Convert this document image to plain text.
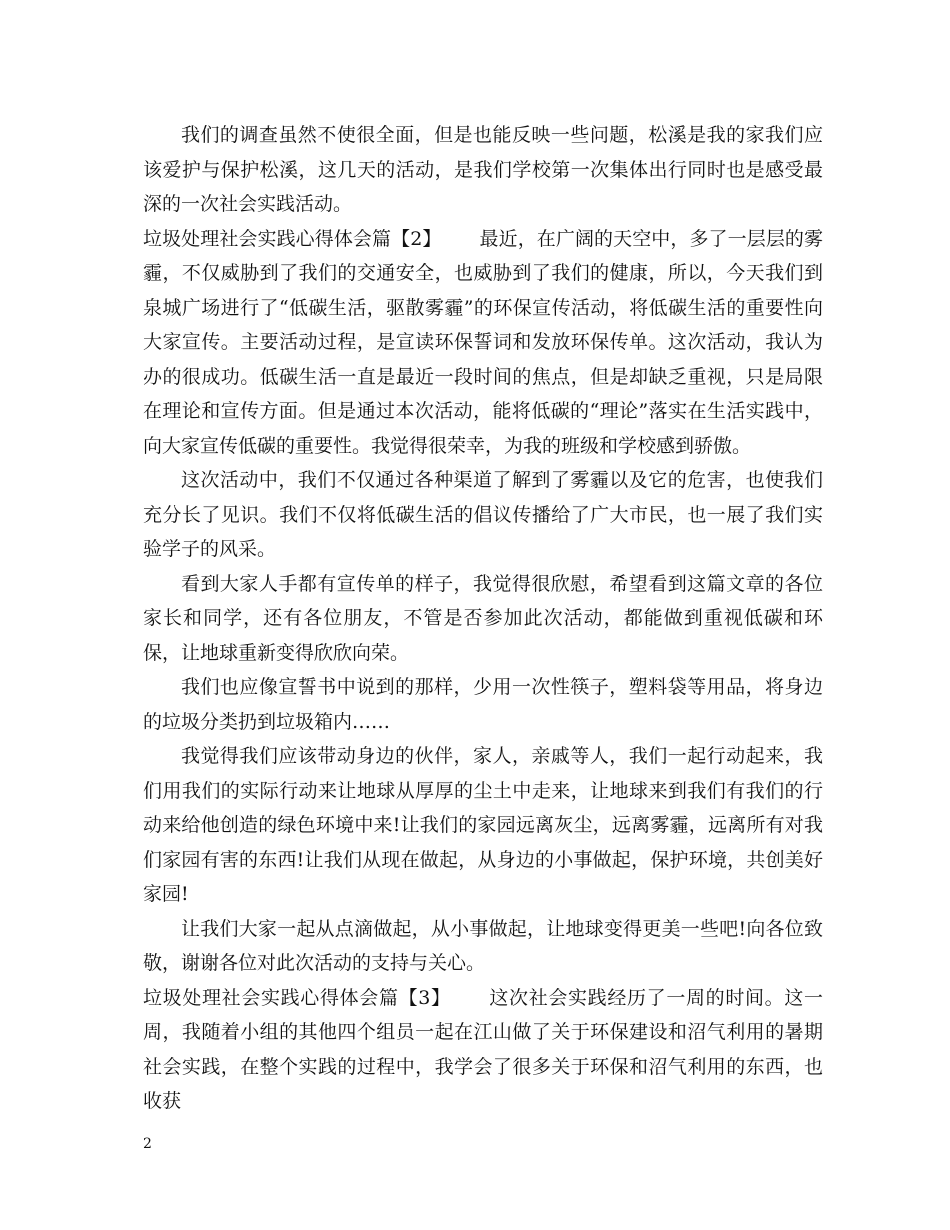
我们的调查虽然不使很全面，但是也能反映一些问题，松溪是我的家我们应该爱护与保护松溪，这几天的活动，是我们学校第一次集体出行同时也是感受最深的一次社会实践活动。

垃圾处理社会实践心得体会篇【2】 最近，在广阔的天空中，多了一层层的雾霾，不仅威胁到了我们的交通安全，也威胁到了我们的健康，所以，今天我们到泉城广场进行了“低碳生活，驱散雾霾”的环保宣传活动，将低碳生活的重要性向大家宣传。主要活动过程，是宣读环保誓词和发放环保传单。这次活动，我认为办的很成功。低碳生活一直是最近一段时间的焦点，但是却缺乏重视，只是局限在理论和宣传方面。但是通过本次活动，能将低碳的“理论”落实在生活实践中，向大家宣传低碳的重要性。我觉得很荣幸，为我的班级和学校感到骄傲。

这次活动中，我们不仅通过各种渠道了解到了雾霾以及它的危害，也使我们充分长了见识。我们不仅将低碳生活的倡议传播给了广大市民，也一展了我们实验学子的风采。

看到大家人手都有宣传单的样子，我觉得很欣慰，希望看到这篇文章的各位家长和同学，还有各位朋友，不管是否参加此次活动，都能做到重视低碳和环保，让地球重新变得欣欣向荣。

我们也应像宣誓书中说到的那样，少用一次性筷子，塑料袋等用品，将身边的垃圾分类扔到垃圾箱内……

我觉得我们应该带动身边的伙伴，家人，亲戚等人，我们一起行动起来，我们用我们的实际行动来让地球从厚厚的尘土中走来，让地球来到我们有我们的行动来给他创造的绿色环境中来!让我们的家园远离灰尘，远离雾霾，远离所有对我们家园有害的东西!让我们从现在做起，从身边的小事做起，保护环境，共创美好家园!

让我们大家一起从点滴做起，从小事做起，让地球变得更美一些吧!向各位致敬，谢谢各位对此次活动的支持与关心。

垃圾处理社会实践心得体会篇【3】 这次社会实践经历了一周的时间。这一周，我随着小组的其他四个组员一起在江山做了关于环保建设和沼气利用的暑期社会实践，在整个实践的过程中，我学会了很多关于环保和沼气利用的东西，也收获

2
